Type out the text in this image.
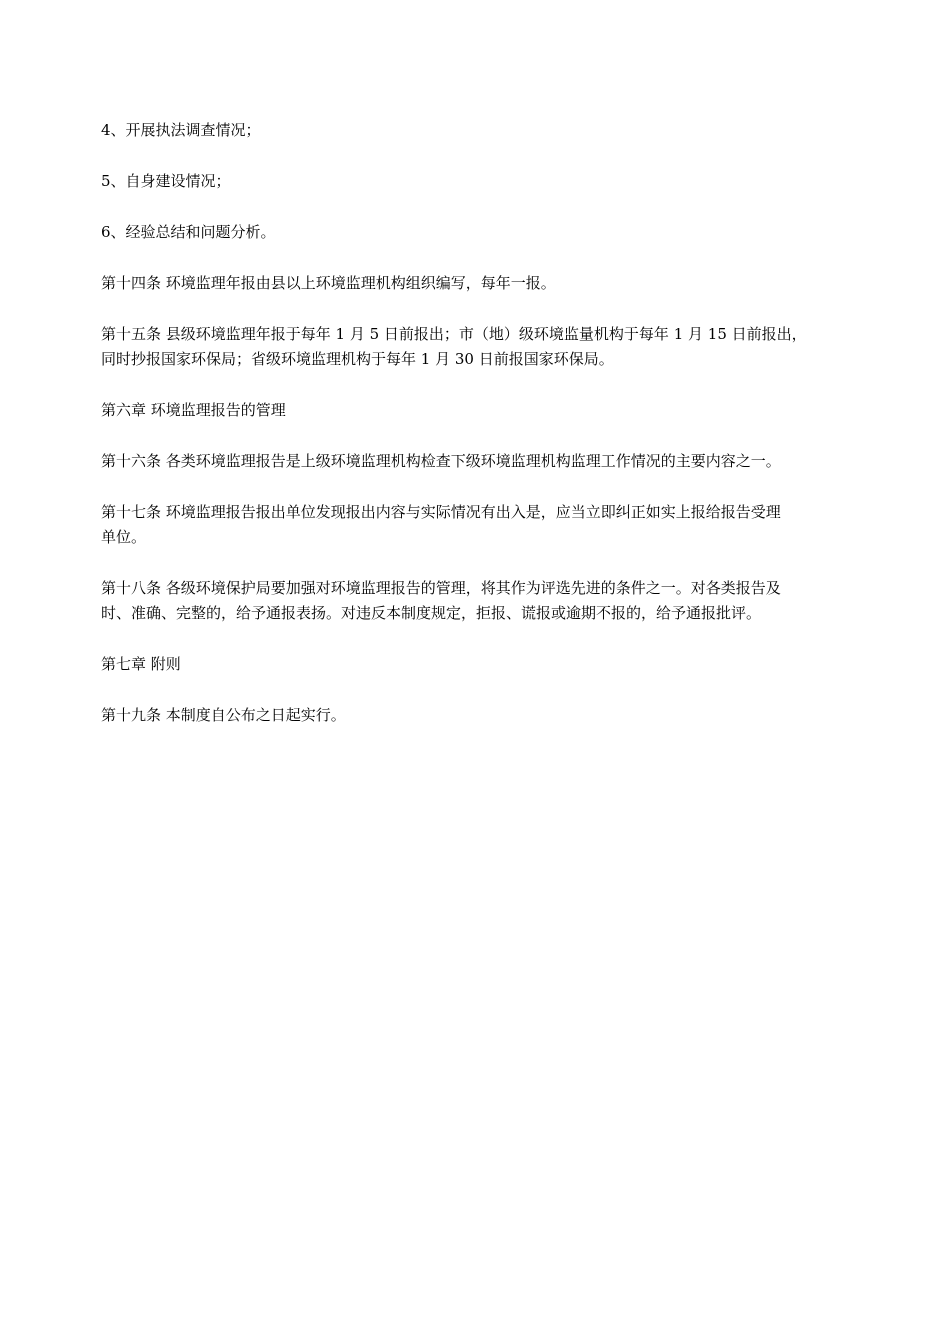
4、开展执法调查情况；

5、自身建设情况；

6、经验总结和问题分析。

第十四条 环境监理年报由县以上环境监理机构组织编写，每年一报。

第十五条 县级环境监理年报于每年 1 月 5 日前报出；市（地）级环境监量机构于每年 1 月 15 日前报出，
同时抄报国家环保局；省级环境监理机构于每年 1 月 30 日前报国家环保局。

第六章 环境监理报告的管理

第十六条 各类环境监理报告是上级环境监理机构检查下级环境监理机构监理工作情况的主要内容之一。

第十七条 环境监理报告报出单位发现报出内容与实际情况有出入是，应当立即纠正如实上报给报告受理
单位。

第十八条 各级环境保护局要加强对环境监理报告的管理，将其作为评选先进的条件之一。对各类报告及
时、准确、完整的，给予通报表扬。对违反本制度规定，拒报、谎报或逾期不报的，给予通报批评。

第七章 附则

第十九条 本制度自公布之日起实行。
